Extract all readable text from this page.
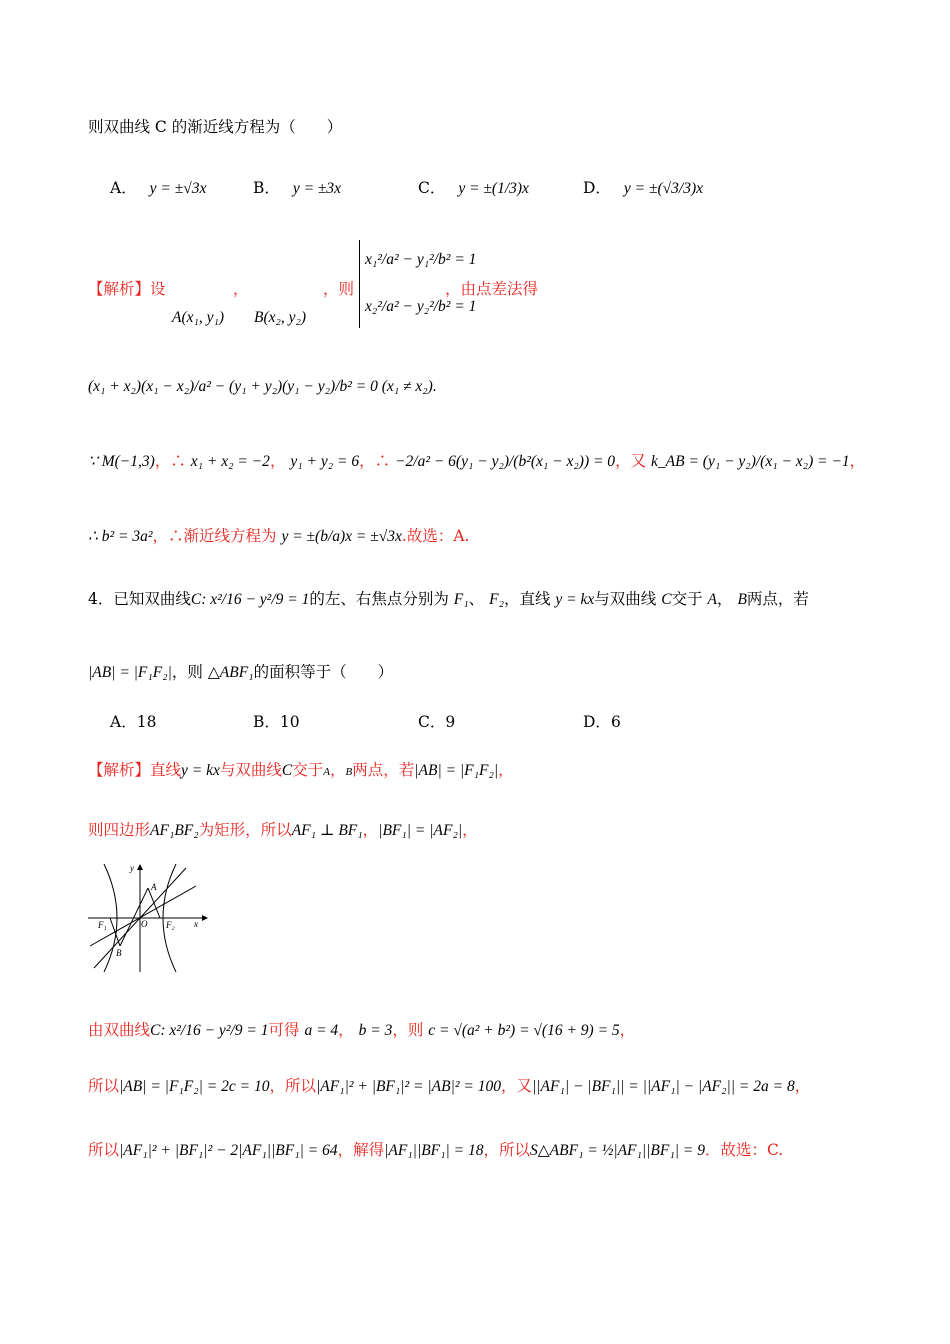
则双曲线 C 的渐近线方程为（　　）
A． y = ±√3x	B． y = ±3x	C． y = ±(1/3)x	D． y = ±(√3/3)x
【解析】设	，	，则
A(x₁, y₁) B(x₂, y₂)
x₁²/a² − y₁²/b² = 1
x₂²/a² − y₂²/b² = 1
，由点差法得
(x₁ + x₂)(x₁ − x₂)/a² − (y₁ + y₂)(y₁ − y₂)/b² = 0 (x₁ ≠ x₂).
∵ M(−1,3)，∴ x₁ + x₂ = −2， y₁ + y₂ = 6，∴ −2/a² − 6(y₁ − y₂)/(b²(x₁ − x₂)) = 0，又 k_AB = (y₁ − y₂)/(x₁ − x₂) = −1，
∴ b² = 3a²，∴渐近线方程为 y = ±(b/a)x = ±√3x.故选：A.
4．已知双曲线C: x²/16 − y²/9 = 1的左、右焦点分别为 F₁、 F₂，直线 y = kx与双曲线 C交于 A， B两点，若
|AB| = |F₁F₂|，则 △ABF₁的面积等于（　　）
A．18	B．10	C．9	D．6
【解析】直线y = kx与双曲线C交于A，B两点，若|AB| = |F₁F₂|，
则四边形AF₁BF₂为矩形，所以AF₁ ⊥ BF₁，|BF₁| = |AF₂|，
y
x
O
A
B
F₁	F₂
由双曲线C: x²/16 − y²/9 = 1可得 a = 4， b = 3，则 c = √(a² + b²) = √(16 + 9) = 5，
所以|AB| = |F₁F₂| = 2c = 10，所以|AF₁|² + |BF₁|² = |AB|² = 100，又||AF₁| − |BF₁|| = ||AF₁| − |AF₂|| = 2a = 8，
所以|AF₁|² + |BF₁|² − 2|AF₁||BF₁| = 64，解得|AF₁||BF₁| = 18，所以S△ABF₁ = ½|AF₁||BF₁| = 9．故选：C.
